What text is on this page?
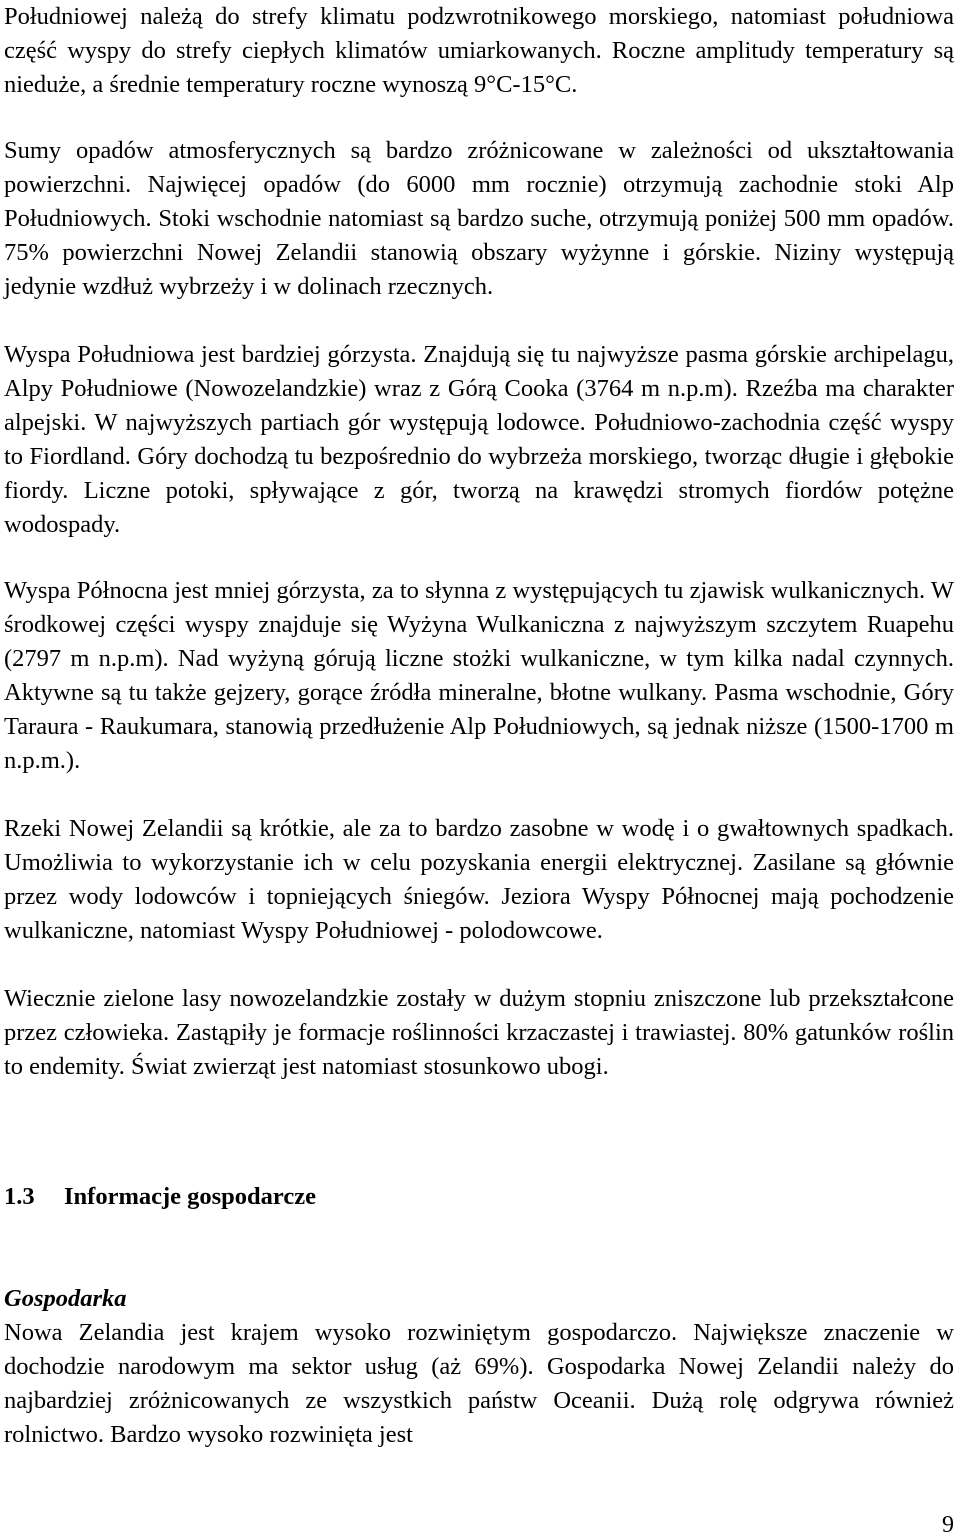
Południowej należą do strefy klimatu podzwrotnikowego morskiego, natomiast południowa część wyspy do strefy ciepłych klimatów umiarkowanych. Roczne amplitudy temperatury są niedużе, a średnie temperatury roczne wynoszą 9°C-15°C.

Sumy opadów atmosferycznych są bardzo zróżnicowane w zależności od ukształtowania powierzchni. Najwięcej opadów (do 6000 mm rocznie) otrzymują zachodnie stoki Alp Południowych. Stoki wschodnie natomiast są bardzo suche, otrzymują poniżej 500 mm opadów. 75% powierzchni Nowej Zelandii stanowią obszary wyżynne i górskie. Niziny występują jedynie wzdłuż wybrzeży i w dolinach rzecznych.

Wyspa Południowa jest bardziej górzysta. Znajdują się tu najwyższe pasma górskie archipelagu, Alpy Południowe (Nowozelandzkie) wraz z Górą Cooka (3764 m n.p.m). Rzeźba ma charakter alpejski. W najwyższych partiach gór występują lodowce. Południowo-zachodnia część wyspy to Fiordland. Góry dochodzą tu bezpośrednio do wybrzeża morskiego, tworząc długie i głębokie fiordy. Liczne potoki, spływające z gór, tworzą na krawędzi stromych fiordów potężne wodospady.

Wyspa Północna jest mniej górzysta, za to słynna z występujących tu zjawisk wulkanicznych. W środkowej części wyspy znajduje się Wyżyna Wulkaniczna z najwyższym szczytem Ruapehu (2797 m n.p.m). Nad wyżyną górują liczne stożki wulkaniczne, w tym kilka nadal czynnych. Aktywne są tu także gejzery, gorące źródła mineralne, błotne wulkany. Pasma wschodnie, Góry Taraura - Raukumara, stanowią przedłużenie Alp Południowych, są jednak niższe (1500-1700 m n.p.m.).

Rzeki Nowej Zelandii są krótkie, ale za to bardzo zasobne w wodę i o gwałtownych spadkach. Umożliwia to wykorzystanie ich w celu pozyskania energii elektrycznej. Zasilane są głównie przez wody lodowców i topniejących śniegów. Jeziora Wyspy Północnej mają pochodzenie wulkaniczne, natomiast Wyspy Południowej - polodowcowe.

Wiecznie zielone lasy nowozelandzkie zostały w dużym stopniu zniszczone lub przekształcone przez człowieka. Zastąpiły je formacje roślinności krzaczastej i trawiastej. 80% gatunków roślin to endemity. Świat zwierząt jest natomiast stosunkowo ubogi.

1.3 Informacje gospodarcze
Gospodarka

Nowa Zelandia jest krajem wysoko rozwiniętym gospodarczo. Największe znaczenie w dochodzie narodowym ma sektor usług (aż 69%). Gospodarka Nowej Zelandii należy do najbardziej zróżnicowanych ze wszystkich państw Oceanii. Dużą rolę odgrywa również rolnictwo. Bardzo wysoko rozwinięta jest

9
